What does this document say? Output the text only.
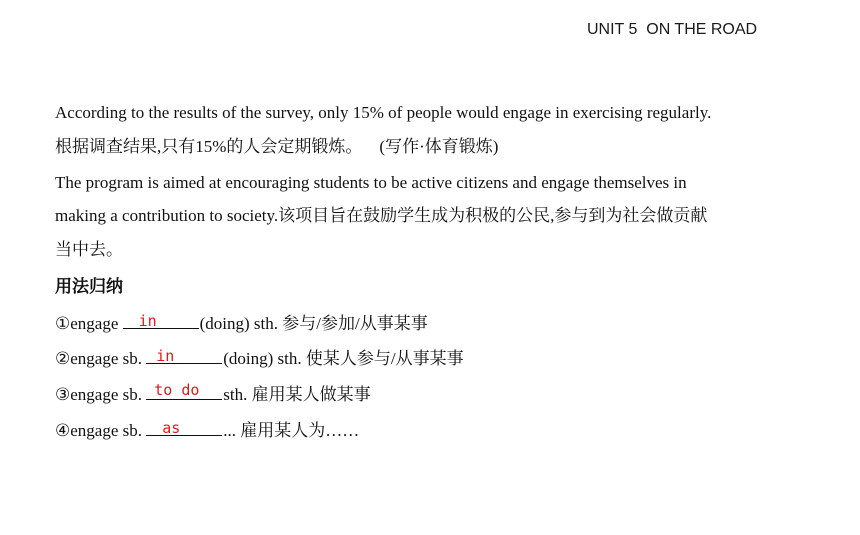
UNIT 5  ON THE ROAD
According to the results of the survey, only 15% of people would engage in exercising regularly.
根据调查结果,只有15%的人会定期锻炼。 (写作·体育锻炼)
The program is aimed at encouraging students to be active citizens and engage themselves in
making a contribution to society.该项目旨在鼓励学生成为积极的公民,参与到为社会做贡献
当中去。
用法归纳
①engage in	(doing) sth. 参与/参加/从事某事
②engage sb. in	(doing) sth. 使某人参与/从事某事
③engage sb. to do sth. 雇用某人做某事
④engage sb. as	... 雇用某人为……
